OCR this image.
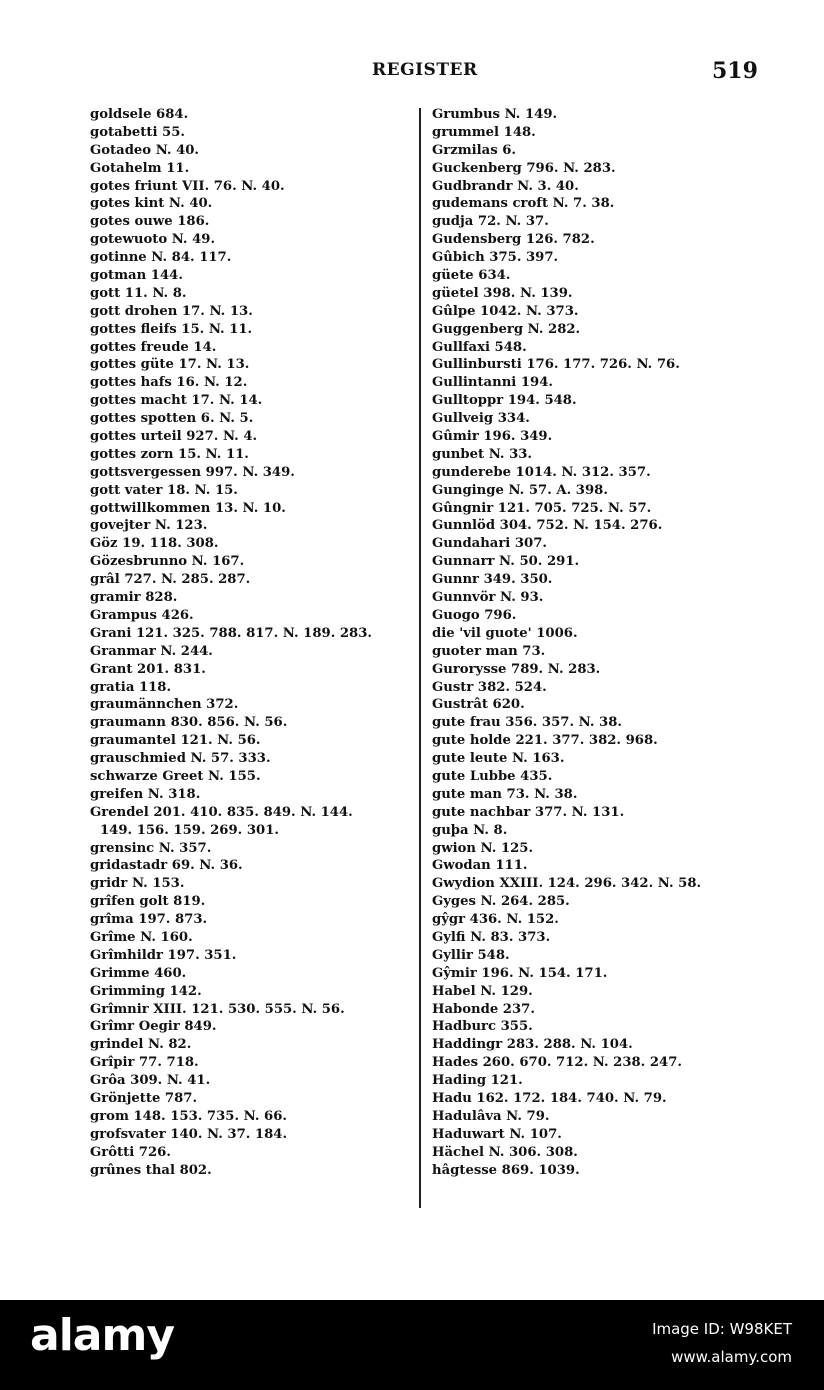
REGISTER	519
goldsele 684.
gotabetti 55.
Gotadeo N. 40.
Gotahelm 11.
gotes friunt VII. 76. N. 40.
gotes kint N. 40.
gotes ouwe 186.
gotewuoto N. 49.
gotinne N. 84. 117.
gotman 144.
gott 11. N. 8.
gott drohen 17. N. 13.
gottes fleifs 15. N. 11.
gottes freude 14.
gottes güte 17. N. 13.
gottes hafs 16. N. 12.
gottes macht 17. N. 14.
gottes spotten 6. N. 5.
gottes urteil 927. N. 4.
gottes zorn 15. N. 11.
gottsvergessen 997. N. 349.
gott vater 18. N. 15.
gottwillkommen 13. N. 10.
govejter N. 123.
Göz 19. 118. 308.
Gözesbrunno N. 167.
grâl 727. N. 285. 287.
gramir 828.
Grampus 426.
Grani 121. 325. 788. 817. N. 189. 283.
Granmar N. 244.
Grant 201. 831.
gratia 118.
graumännchen 372.
graumann 830. 856. N. 56.
graumantel 121. N. 56.
grauschmied N. 57. 333.
schwarze Greet N. 155.
greifen N. 318.
Grendel 201. 410. 835. 849. N. 144.
149. 156. 159. 269. 301.
grensinc N. 357.
gridastadr 69. N. 36.
gridr N. 153.
grîfen golt 819.
grîma 197. 873.
Grîme N. 160.
Grîmhildr 197. 351.
Grimme 460.
Grimming 142.
Grîmnir XIII. 121. 530. 555. N. 56.
Grîmr Oegir 849.
grindel N. 82.
Grîpir 77. 718.
Grôa 309. N. 41.
Grönjette 787.
grom 148. 153. 735. N. 66.
grofsvater 140. N. 37. 184.
Grôtti 726.
grûnes thal 802.
Grumbus N. 149.
grummel 148.
Grzmilas 6.
Guckenberg 796. N. 283.
Gudbrandr N. 3. 40.
gudemans croft N. 7. 38.
gudja 72. N. 37.
Gudensberg 126. 782.
Gûbich 375. 397.
güete 634.
güetel 398. N. 139.
Gûlpe 1042. N. 373.
Guggenberg N. 282.
Gullfaxi 548.
Gullinbursti 176. 177. 726. N. 76.
Gullintanni 194.
Gulltoppr 194. 548.
Gullveig 334.
Gûmir 196. 349.
gunbet N. 33.
gunderebe 1014. N. 312. 357.
Gunginge N. 57. A. 398.
Gûngnir 121. 705. 725. N. 57.
Gunnlöd 304. 752. N. 154. 276.
Gundahari 307.
Gunnarr N. 50. 291.
Gunnr 349. 350.
Gunnvör N. 93.
Guogo 796.
die 'vil guote' 1006.
guoter man 73.
Gurorysse 789. N. 283.
Gustr 382. 524.
Gustrât 620.
gute frau 356. 357. N. 38.
gute holde 221. 377. 382. 968.
gute leute N. 163.
gute Lubbe 435.
gute man 73. N. 38.
gute nachbar 377. N. 131.
guþa N. 8.
gwion N. 125.
Gwodan 111.
Gwydion XXIII. 124. 296. 342. N. 58.
Gyges N. 264. 285.
gŷgr 436. N. 152.
Gylfi N. 83. 373.
Gyllir 548.
Gŷmir 196. N. 154. 171.
Habel N. 129.
Habonde 237.
Hadburc 355.
Haddingr 283. 288. N. 104.
Hades 260. 670. 712. N. 238. 247.
Hading 121.
Hadu 162. 172. 184. 740. N. 79.
Hadulâva N. 79.
Haduwart N. 107.
Hächel N. 306. 308.
hâgtesse 869. 1039.
alamy	Image ID: W98KET
www.alamy.com
